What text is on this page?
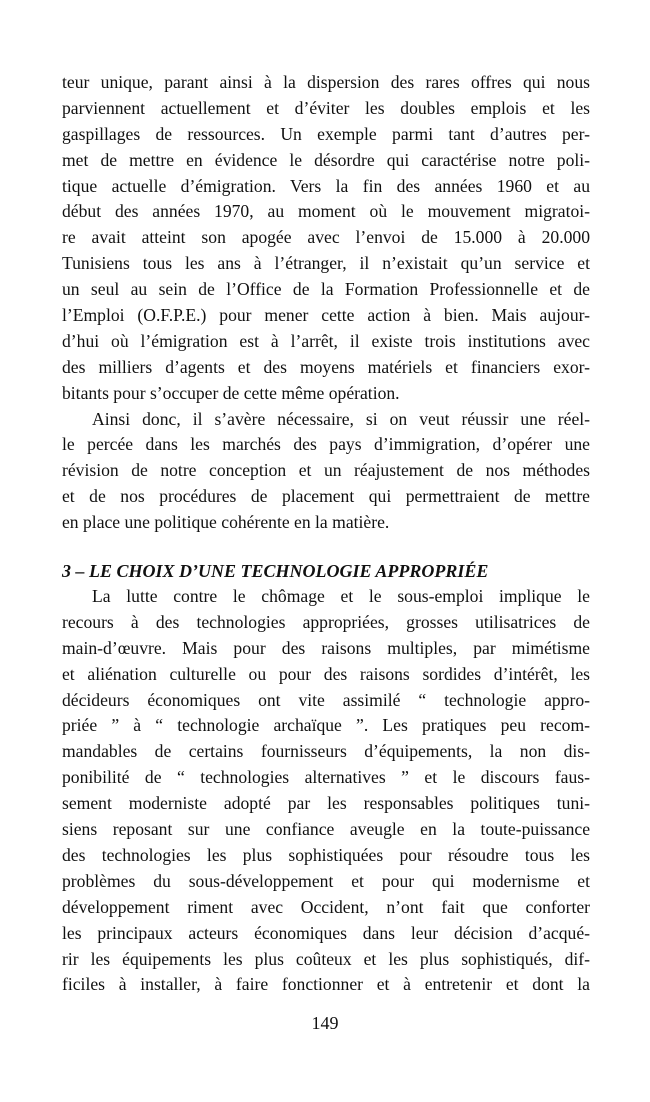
teur unique, parant ainsi à la dispersion des rares offres qui nous
parviennent actuellement et d’éviter les doubles emplois et les
gaspillages de ressources. Un exemple parmi tant d’autres per-
met de mettre en évidence le désordre qui caractérise notre poli-
tique actuelle d’émigration. Vers la fin des années 1960 et au
début des années 1970, au moment où le mouvement migratoi-
re avait atteint son apogée avec l’envoi de 15.000 à 20.000
Tunisiens tous les ans à l’étranger, il n’existait qu’un service et
un seul au sein de l’Office de la Formation Professionnelle et de
l’Emploi (O.F.P.E.) pour mener cette action à bien. Mais aujour-
d’hui où l’émigration est à l’arrêt, il existe trois institutions avec
des milliers d’agents et des moyens matériels et financiers exor-
bitants pour s’occuper de cette même opération.
Ainsi donc, il s’avère nécessaire, si on veut réussir une réel-
le percée dans les marchés des pays d’immigration, d’opérer une
révision de notre conception et un réajustement de nos méthodes
et de nos procédures de placement qui permettraient de mettre
en place une politique cohérente en la matière.
3 – LE CHOIX D’UNE TECHNOLOGIE APPROPRIÉE
La lutte contre le chômage et le sous-emploi implique le
recours à des technologies appropriées, grosses utilisatrices de
main-d’œuvre. Mais pour des raisons multiples, par mimétisme
et aliénation culturelle ou pour des raisons sordides d’intérêt, les
décideurs économiques ont vite assimilé “ technologie appro-
priée ” à “ technologie archaïque ”. Les pratiques peu recom-
mandables de certains fournisseurs d’équipements, la non dis-
ponibilité de “ technologies alternatives ” et le discours faus-
sement moderniste adopté par les responsables politiques tuni-
siens reposant sur une confiance aveugle en la toute-puissance
des technologies les plus sophistiquées pour résoudre tous les
problèmes du sous-développement et pour qui modernisme et
développement riment avec Occident, n’ont fait que conforter
les principaux acteurs économiques dans leur décision d’acqué-
rir les équipements les plus coûteux et les plus sophistiqués, dif-
ficiles à installer, à faire fonctionner et à entretenir et dont la
149
